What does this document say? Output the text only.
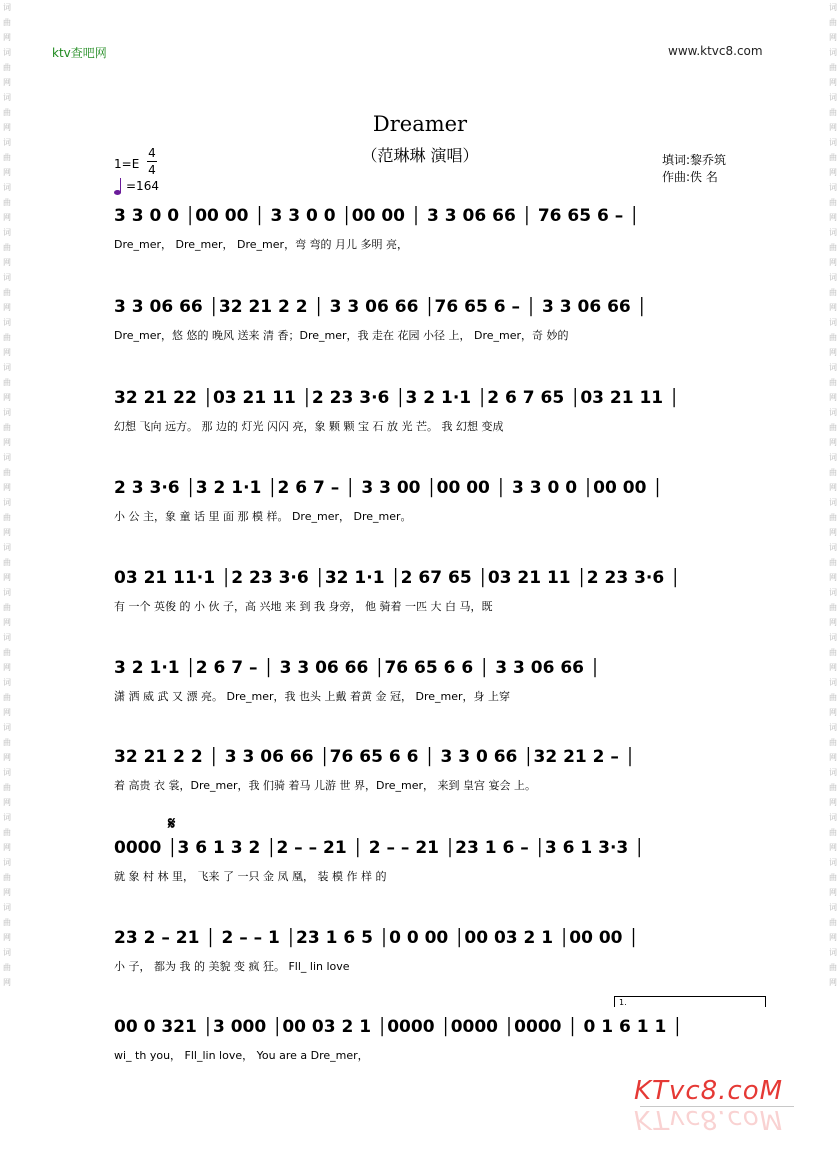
词
曲
网
词
曲
网
词
曲
网
词
曲
网
词
曲
网
词
曲
网
词
曲
网
词
曲
网
词
曲
网
词
曲
网
词
曲
网
词
曲
网
词
曲
网
词
曲
网
词
曲
网
词
曲
网
词
曲
网
词
曲
网
词
曲
网
词
曲
网
词
曲
网
词
曲
网
词
曲
网
词
曲
网
词
曲
网
词
曲
网
词
曲
网
词
曲
网
词
曲
网
词
曲
网
词
曲
网
词
曲
网
词
曲
网
词
曲
网
词
曲
网
词
曲
网
词
曲
网
词
曲
网
词
曲
网
词
曲
网
词
曲
网
词
曲
网
词
曲
网
词
曲
网
ktv查吧网	www.ktvc8.com
Dreamer
（范琳琳 演唱）
1=E
4
4
=164
填词:黎乔筑
作曲:佚 名
3 3 0 0 │00 00 │ 3 3 0 0 │00 00 │ 3 3 06 66 │ 76 65 6 – │
Dre_mer， Dre_mer， Dre_mer，弯 弯的 月儿 多明 亮，
3 3 06 66 │32 21 2 2 │ 3 3 06 66 │76 65 6 – │ 3 3 06 66 │
Dre_mer，悠 悠的 晚风 送来 清 香；Dre_mer，我 走在 花园 小径 上， Dre_mer，奇 妙的
32 21 22 │03 21 11 │2 23 3·6 │3 2 1·1 │2 6 7 65 │03 21 11 │
幻想 飞向 远方。 那 边的 灯光 闪闪 亮，象 颗 颗 宝 石 放 光 芒。 我 幻想 变成
2 3 3·6 │3 2 1·1 │2 6 7 – │ 3 3 00 │00 00 │ 3 3 0 0 │00 00 │
小 公 主，象 童 话 里 面 那 模 样。 Dre_mer， Dre_mer。
03 21 11·1 │2 23 3·6 │32 1·1 │2 67 65 │03 21 11 │2 23 3·6 │
有 一个 英俊 的 小 伙 子，高 兴地 来 到 我 身旁， 他 骑着 一匹 大 白 马，既
3 2 1·1 │2 6 7 – │ 3 3 06 66 │76 65 6 6 │ 3 3 06 66 │
潇 洒 威 武 又 漂 亮。 Dre_mer，我 也头 上戴 着黄 金 冠， Dre_mer，身 上穿
32 21 2 2 │ 3 3 06 66 │76 65 6 6 │ 3 3 0 66 │32 21 2 – │
着 高贵 衣 裳，Dre_mer，我 们骑 着马 儿游 世 界，Dre_mer， 来到 皇宫 宴会 上。
𝄋
0000 │3 6 1 3 2 │2 – – 21 │ 2 – – 21 │23 1 6 – │3 6 1 3·3 │
就 象 村 林 里， 飞来 了 一只 金 凤 凰， 装 模 作 样 的
23 2 – 21 │ 2 – – 1 │23 1 6 5 │0 0 00 │00 03 2 1 │00 00 │
小 子， 都为 我 的 美貌 变 疯 狂。 Fll_ lin love
1.
00 0 321 │3 000 │00 03 2 1 │0000 │0000 │0000 │ 0 1 6 1 1 │
wi_ th you， Fll_lin love， You are a Dre_mer，
KTvc8.coM
KTvc8.coM
